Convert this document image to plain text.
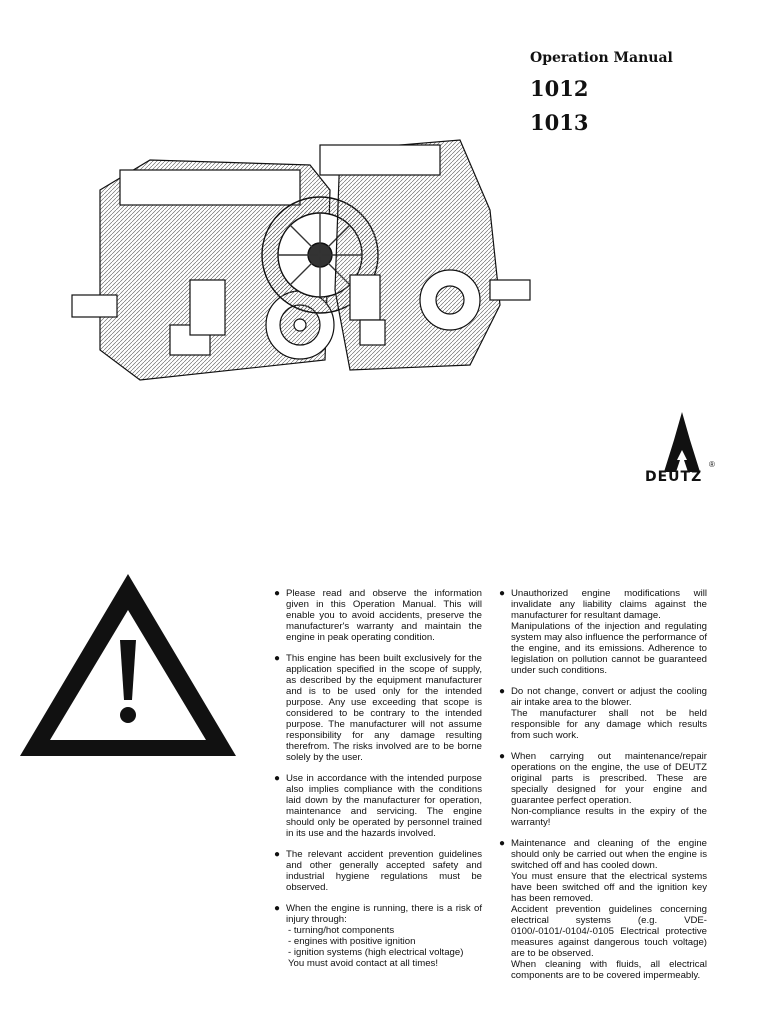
Operation Manual
1012
1013
DEUTZ
®
● Please read and observe the information given in this Operation Manual. This will enable you to avoid accidents, preserve the manufacturer's warranty and maintain the engine in peak operating condition.

● This engine has been built exclusively for the application specified in the scope of supply, as described by the equipment manufacturer and is to be used only for the intended purpose. Any use exceeding that scope is considered to be contrary to the intended purpose. The manufacturer will not assume responsibility for any damage resulting therefrom. The risks involved are to be borne solely by the user.

● Use in accordance with the intended purpose also implies compliance with the conditions laid down by the manufacturer for operation, maintenance and servicing. The engine should only be operated by personnel trained in its use and the hazards involved.

● The relevant accident prevention guidelines and other generally accepted safety and industrial hygiene regulations must be observed.

● When the engine is running, there is a risk of injury through:

- turning/hot components

- engines with positive ignition

- ignition systems (high electrical voltage)

You must avoid contact at all times!

● Unauthorized engine modifications will invalidate any liability claims against the manufacturer for resultant damage.

Manipulations of the injection and regulating system may also influence the performance of the engine, and its emissions. Adherence to legislation on pollution cannot be guaranteed under such conditions.

● Do not change, convert or adjust the cooling air intake area to the blower.

The manufacturer shall not be held responsible for any damage which results from such work.

● When carrying out maintenance/repair operations on the engine, the use of DEUTZ original parts is prescribed. These are specially designed for your engine and guarantee perfect operation.

Non-compliance results in the expiry of the warranty!

● Maintenance and cleaning of the engine should only be carried out when the engine is switched off and has cooled down.

You must ensure that the electrical systems have been switched off and the ignition key has been removed.

Accident prevention guidelines concerning electrical systems (e.g. VDE-0100/-0101/-0104/-0105 Electrical protective measures against dangerous touch voltage) are to be observed.

When cleaning with fluids, all electrical components are to be covered impermeably.
